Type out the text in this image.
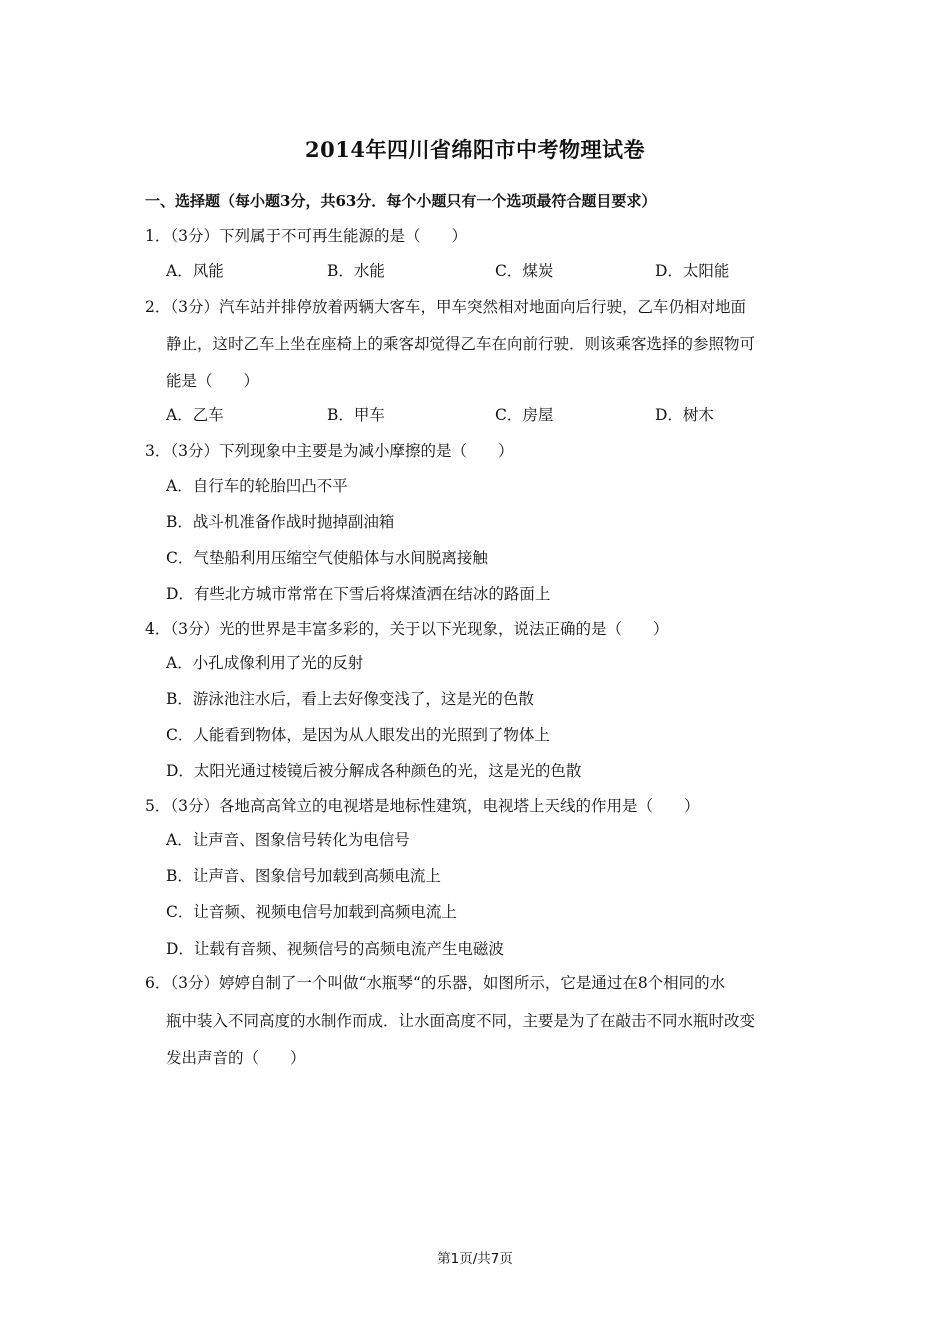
2014年四川省绵阳市中考物理试卷
一、选择题（每小题3分，共63分．每个小题只有一个选项最符合题目要求）
1．（3分）下列属于不可再生能源的是（　　）
A．风能	B．水能	C．煤炭	D．太阳能
2．（3分）汽车站并排停放着两辆大客车，甲车突然相对地面向后行驶，乙车仍相对地面
静止，这时乙车上坐在座椅上的乘客却觉得乙车在向前行驶．则该乘客选择的参照物可
能是（　　）
A．乙车	B．甲车	C．房屋	D．树木
3．（3分）下列现象中主要是为减小摩擦的是（　　）
A．自行车的轮胎凹凸不平
B．战斗机准备作战时抛掉副油箱
C．气垫船利用压缩空气使船体与水间脱离接触
D．有些北方城市常常在下雪后将煤渣洒在结冰的路面上
4．（3分）光的世界是丰富多彩的，关于以下光现象，说法正确的是（　　）
A．小孔成像利用了光的反射
B．游泳池注水后，看上去好像变浅了，这是光的色散
C．人能看到物体，是因为从人眼发出的光照到了物体上
D．太阳光通过棱镜后被分解成各种颜色的光，这是光的色散
5．（3分）各地高高耸立的电视塔是地标性建筑，电视塔上天线的作用是（　　）
A．让声音、图象信号转化为电信号
B．让声音、图象信号加载到高频电流上
C．让音频、视频电信号加载到高频电流上
D．让载有音频、视频信号的高频电流产生电磁波
6．（3分）婷婷自制了一个叫做“水瓶琴“的乐器，如图所示，它是通过在8个相同的水
瓶中装入不同高度的水制作而成．让水面高度不同，主要是为了在敲击不同水瓶时改变
发出声音的（　　）
第1页/共7页
